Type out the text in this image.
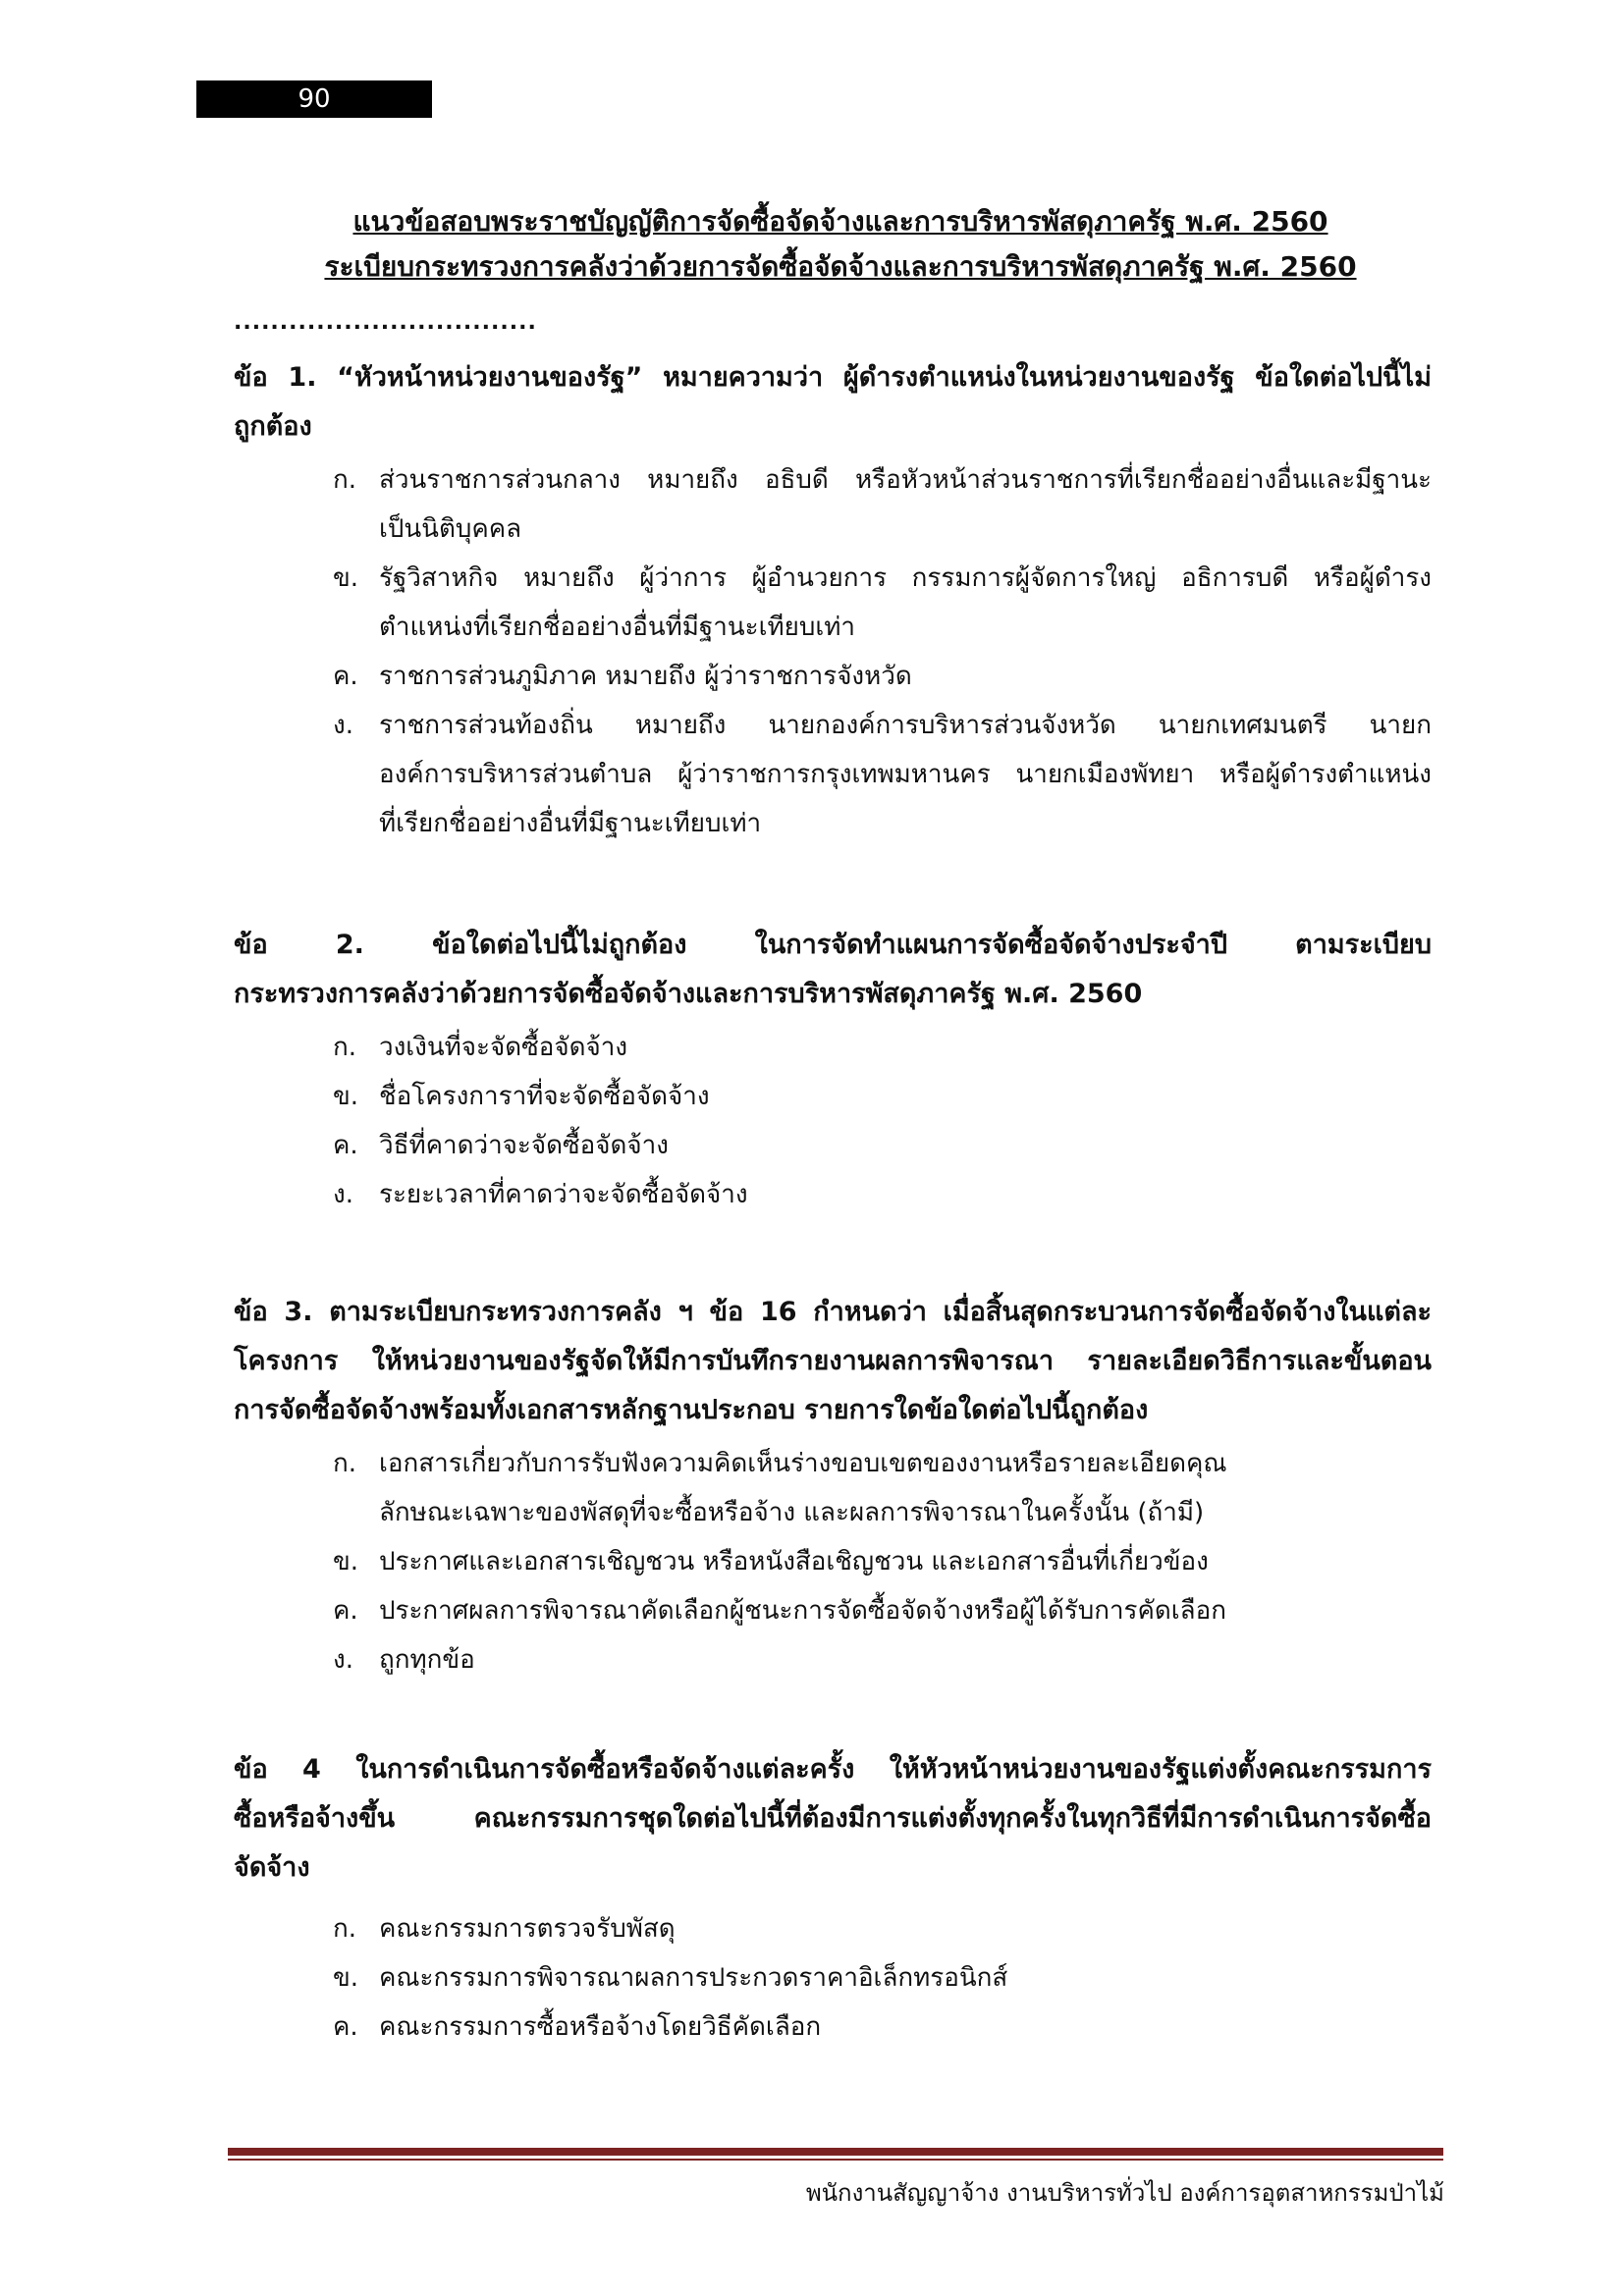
90
แนวข้อสอบพระราชบัญญัติการจัดซื้อจัดจ้างและการบริหารพัสดุภาครัฐ พ.ศ. 2560
ระเบียบกระทรวงการคลังว่าด้วยการจัดซื้อจัดจ้างและการบริหารพัสดุภาครัฐ พ.ศ. 2560
.................................
ข้อ 1. “หัวหน้าหน่วยงานของรัฐ” หมายความว่า ผู้ดำรงตำแหน่งในหน่วยงานของรัฐ ข้อใดต่อไปนี้ไม่
ถูกต้อง
ก. ส่วนราชการส่วนกลาง หมายถึง อธิบดี หรือหัวหน้าส่วนราชการที่เรียกชื่ออย่างอื่นและมีฐานะ
เป็นนิติบุคคล
ข. รัฐวิสาหกิจ หมายถึง ผู้ว่าการ ผู้อำนวยการ กรรมการผู้จัดการใหญ่ อธิการบดี หรือผู้ดำรง
ตำแหน่งที่เรียกชื่ออย่างอื่นที่มีฐานะเทียบเท่า
ค. ราชการส่วนภูมิภาค หมายถึง ผู้ว่าราชการจังหวัด
ง. ราชการส่วนท้องถิ่น หมายถึง นายกองค์การบริหารส่วนจังหวัด นายกเทศมนตรี นายก
องค์การบริหารส่วนตำบล ผู้ว่าราชการกรุงเทพมหานคร นายกเมืองพัทยา หรือผู้ดำรงตำแหน่ง
ที่เรียกชื่ออย่างอื่นที่มีฐานะเทียบเท่า
ข้อ 2. ข้อใดต่อไปนี้ไม่ถูกต้อง ในการจัดทำแผนการจัดซื้อจัดจ้างประจำปี ตามระเบียบ
กระทรวงการคลังว่าด้วยการจัดซื้อจัดจ้างและการบริหารพัสดุภาครัฐ พ.ศ. 2560
ก. วงเงินที่จะจัดซื้อจัดจ้าง
ข. ชื่อโครงการาที่จะจัดซื้อจัดจ้าง
ค. วิธีที่คาดว่าจะจัดซื้อจัดจ้าง
ง. ระยะเวลาที่คาดว่าจะจัดซื้อจัดจ้าง
ข้อ 3. ตามระเบียบกระทรวงการคลัง ฯ ข้อ 16 กำหนดว่า เมื่อสิ้นสุดกระบวนการจัดซื้อจัดจ้างในแต่ละ
โครงการ ให้หน่วยงานของรัฐจัดให้มีการบันทึกรายงานผลการพิจารณา รายละเอียดวิธีการและขั้นตอน
การจัดซื้อจัดจ้างพร้อมทั้งเอกสารหลักฐานประกอบ รายการใดข้อใดต่อไปนี้ถูกต้อง
ก. เอกสารเกี่ยวกับการรับฟังความคิดเห็นร่างขอบเขตของงานหรือรายละเอียดคุณ
ลักษณะเฉพาะของพัสดุที่จะซื้อหรือจ้าง และผลการพิจารณาในครั้งนั้น (ถ้ามี)
ข. ประกาศและเอกสารเชิญชวน หรือหนังสือเชิญชวน และเอกสารอื่นที่เกี่ยวข้อง
ค. ประกาศผลการพิจารณาคัดเลือกผู้ชนะการจัดซื้อจัดจ้างหรือผู้ได้รับการคัดเลือก
ง. ถูกทุกข้อ
ข้อ 4 ในการดำเนินการจัดซื้อหรือจัดจ้างแต่ละครั้ง ให้หัวหน้าหน่วยงานของรัฐแต่งตั้งคณะกรรมการ
ซื้อหรือจ้างขึ้น คณะกรรมการชุดใดต่อไปนี้ที่ต้องมีการแต่งตั้งทุกครั้งในทุกวิธีที่มีการดำเนินการจัดซื้อ
จัดจ้าง
ก. คณะกรรมการตรวจรับพัสดุ
ข. คณะกรรมการพิจารณาผลการประกวดราคาอิเล็กทรอนิกส์
ค. คณะกรรมการซื้อหรือจ้างโดยวิธีคัดเลือก
พนักงานสัญญาจ้าง งานบริหารทั่วไป องค์การอุตสาหกรรมป่าไม้
